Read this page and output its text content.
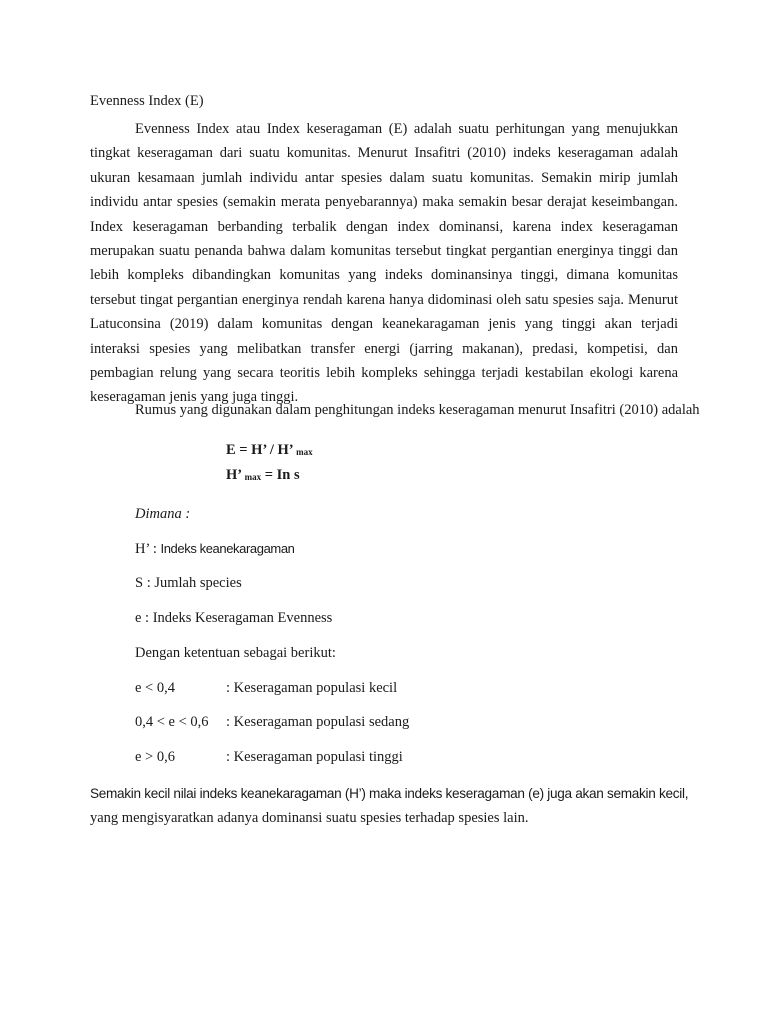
Evenness Index (E)

Evenness Index atau Index keseragaman (E) adalah suatu perhitungan yang menujukkan tingkat keseragaman dari suatu komunitas. Menurut Insafitri (2010) indeks keseragaman adalah ukuran kesamaan jumlah individu antar spesies dalam suatu komunitas. Semakin mirip jumlah individu antar spesies (semakin merata penyebarannya) maka semakin besar derajat keseimbangan. Index keseragaman berbanding terbalik dengan index dominansi, karena index keseragaman merupakan suatu penanda bahwa dalam komunitas tersebut tingkat pergantian energinya tinggi dan lebih kompleks dibandingkan komunitas yang indeks dominansinya tinggi, dimana komunitas tersebut tingat pergantian energinya rendah karena hanya didominasi oleh satu spesies saja. Menurut Latuconsina (2019) dalam komunitas dengan keanekaragaman jenis yang tinggi akan terjadi interaksi spesies yang melibatkan transfer energi (jarring makanan), predasi, kompetisi, dan pembagian relung yang secara teoritis lebih kompleks sehingga terjadi kestabilan ekologi karena keseragaman jenis yang juga tinggi.

Rumus yang digunakan dalam penghitungan indeks keseragaman menurut Insafitri (2010) adalah

E = H’ / H’ max
H’ max = In s
Dimana :
H’ : Indeks keanekaragaman
S : Jumlah species
e : Indeks Keseragaman Evenness
Dengan ketentuan sebagai berikut:
e < 0,4	: Keseragaman populasi kecil
0,4 < e < 0,6 : Keseragaman populasi sedang
e > 0,6	: Keseragaman populasi tinggi
Semakin kecil nilai indeks keanekaragaman (H’) maka indeks keseragaman (e) juga akan semakin kecil,
yang mengisyaratkan adanya dominansi suatu spesies terhadap spesies lain.
